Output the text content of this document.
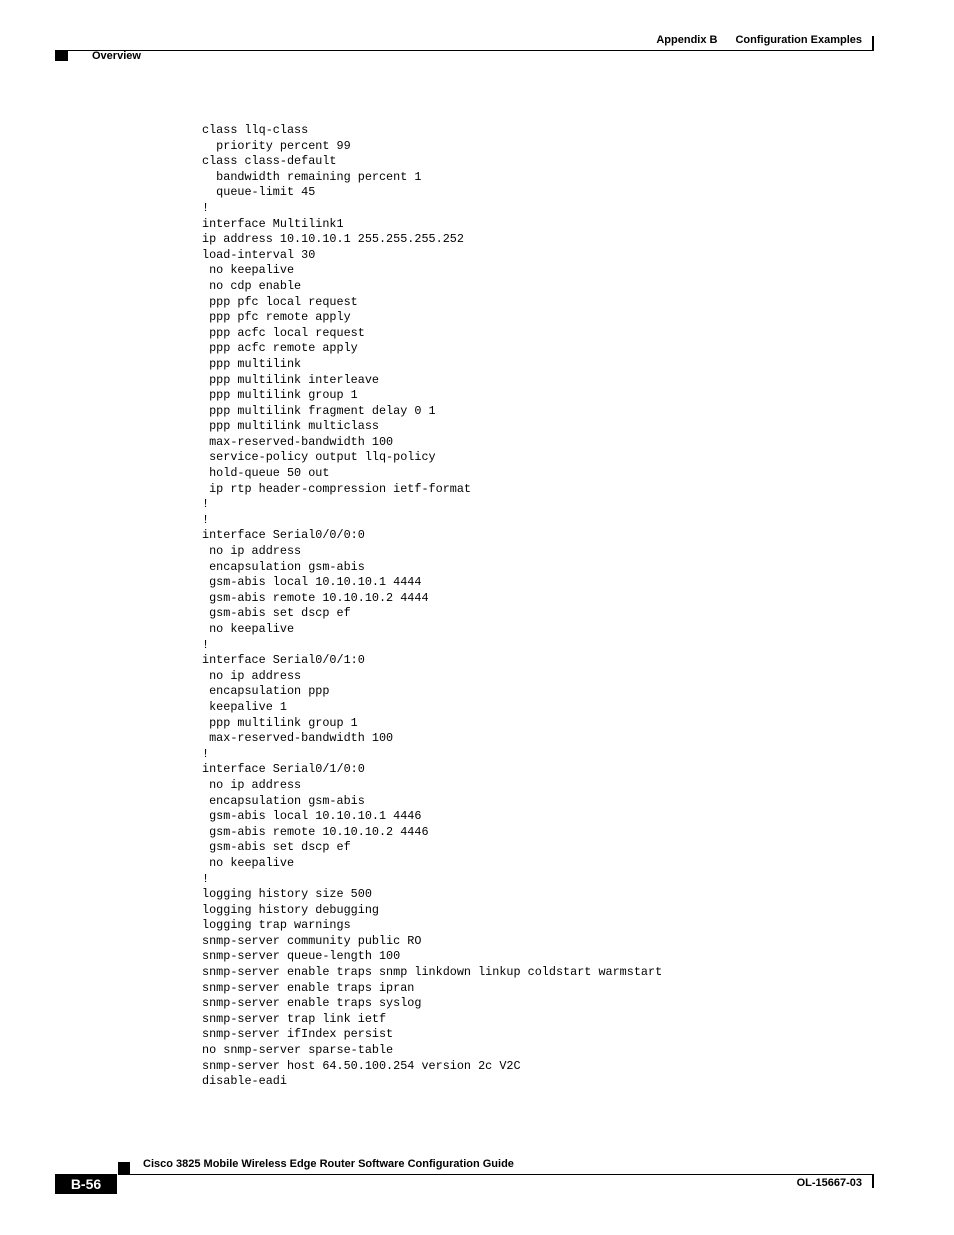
Appendix B Configuration Examples
Overview
class llq-class
priority percent 99
class class-default
bandwidth remaining percent 1
queue-limit 45
!
interface Multilink1
ip address 10.10.10.1 255.255.255.252
load-interval 30
no keepalive
no cdp enable
ppp pfc local request
ppp pfc remote apply
ppp acfc local request
ppp acfc remote apply
ppp multilink
ppp multilink interleave
ppp multilink group 1
ppp multilink fragment delay 0 1
ppp multilink multiclass
max-reserved-bandwidth 100
service-policy output llq-policy
hold-queue 50 out
ip rtp header-compression ietf-format
!
!
interface Serial0/0/0:0
no ip address
encapsulation gsm-abis
gsm-abis local 10.10.10.1 4444
gsm-abis remote 10.10.10.2 4444
gsm-abis set dscp ef
no keepalive
!
interface Serial0/0/1:0
no ip address
encapsulation ppp
keepalive 1
ppp multilink group 1
max-reserved-bandwidth 100
!
interface Serial0/1/0:0
no ip address
encapsulation gsm-abis
gsm-abis local 10.10.10.1 4446
gsm-abis remote 10.10.10.2 4446
gsm-abis set dscp ef
no keepalive
!
logging history size 500
logging history debugging
logging trap warnings
snmp-server community public RO
snmp-server queue-length 100
snmp-server enable traps snmp linkdown linkup coldstart warmstart
snmp-server enable traps ipran
snmp-server enable traps syslog
snmp-server trap link ietf
snmp-server ifIndex persist
no snmp-server sparse-table
snmp-server host 64.50.100.254 version 2c V2C
disable-eadi
Cisco 3825 Mobile Wireless Edge Router Software Configuration Guide
B-56	OL-15667-03
